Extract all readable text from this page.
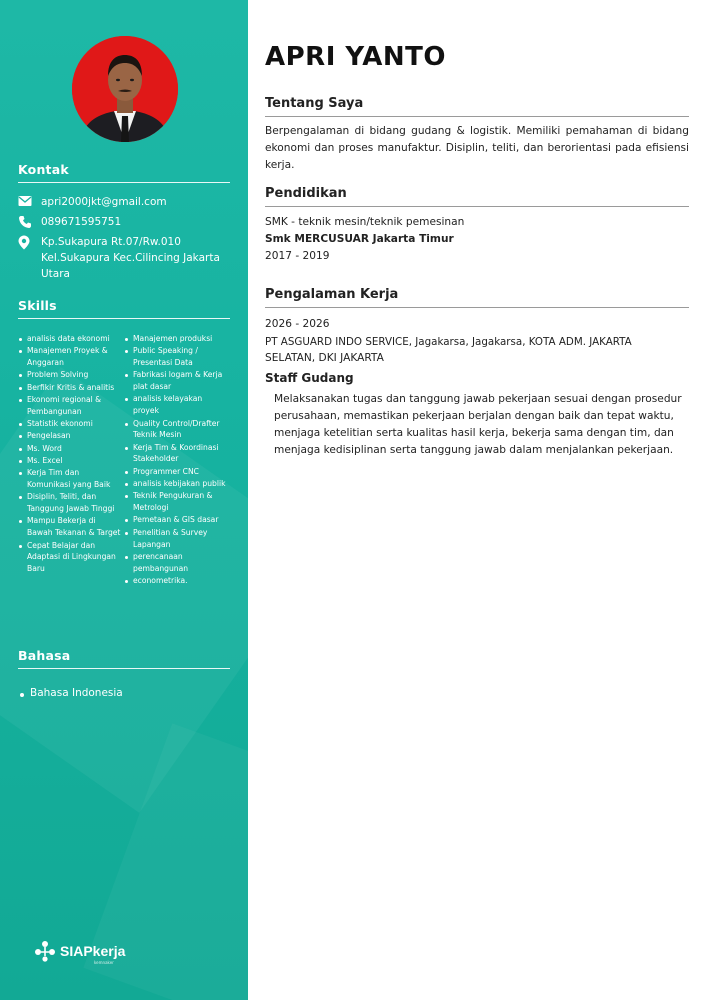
Kontak
apri2000jkt@gmail.com
089671595751
Kp.Sukapura Rt.07/Rw.010
Kel.Sukapura Kec.Cilincing Jakarta
Utara
Skills
analisis data ekonomi
Manajemen Proyek & Anggaran
Problem Solving
Berfikir Kritis & analitis
Ekonomi regional & Pembangunan
Statistik ekonomi
Pengelasan
Ms. Word
Ms. Excel
Kerja Tim dan Komunikasi yang Baik
Disiplin, Teliti, dan Tanggung Jawab Tinggi
Mampu Bekerja di Bawah Tekanan & Target
Cepat Belajar dan Adaptasi di Lingkungan Baru
Manajemen produksi
Public Speaking / Presentasi Data
Fabrikasi logam & Kerja plat dasar
analisis kelayakan proyek
Quality Control/Drafter Teknik Mesin
Kerja Tim & Koordinasi Stakeholder
Programmer CNC
analisis kebijakan publik
Teknik Pengukuran & Metrologi
Pemetaan & GIS dasar
Penelitian & Survey Lapangan
perencanaan pembangunan
econometrika.
Bahasa
Bahasa Indonesia
SIAPkerja
kemnaker
APRI YANTO
Tentang Saya
Berpengalaman di bidang gudang & logistik. Memiliki pemahaman di bidang ekonomi dan proses manufaktur. Disiplin, teliti, dan berorientasi pada efisiensi kerja.
Pendidikan
SMK - teknik mesin/teknik pemesinan
Smk MERCUSUAR Jakarta Timur
2017 - 2019
Pengalaman Kerja
2026 - 2026
PT ASGUARD INDO SERVICE, Jagakarsa, Jagakarsa, KOTA ADM. JAKARTA
SELATAN, DKI JAKARTA
Staff Gudang
Melaksanakan tugas dan tanggung jawab pekerjaan sesuai dengan prosedur perusahaan, memastikan pekerjaan berjalan dengan baik dan tepat waktu, menjaga ketelitian serta kualitas hasil kerja, bekerja sama dengan tim, dan menjaga kedisiplinan serta tanggung jawab dalam menjalankan pekerjaan.
